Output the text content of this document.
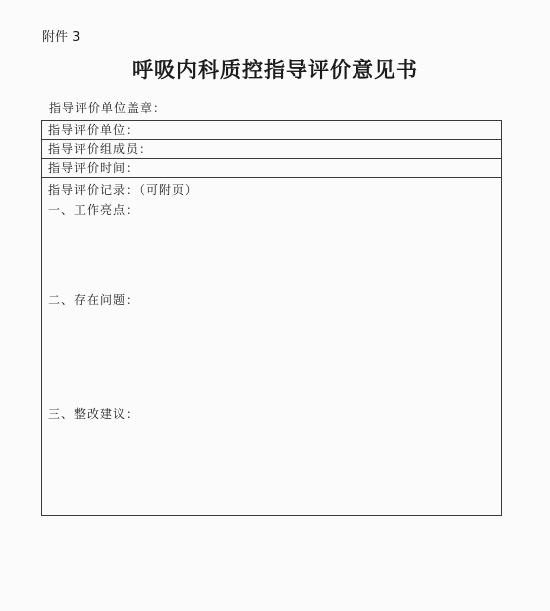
附件 3
呼吸内科质控指导评价意见书
指导评价单位盖章：
指导评价单位：
指导评价组成员：
指导评价时间：
指导评价记录：（可附页）
一、工作亮点：
二、存在问题：
三、整改建议：
